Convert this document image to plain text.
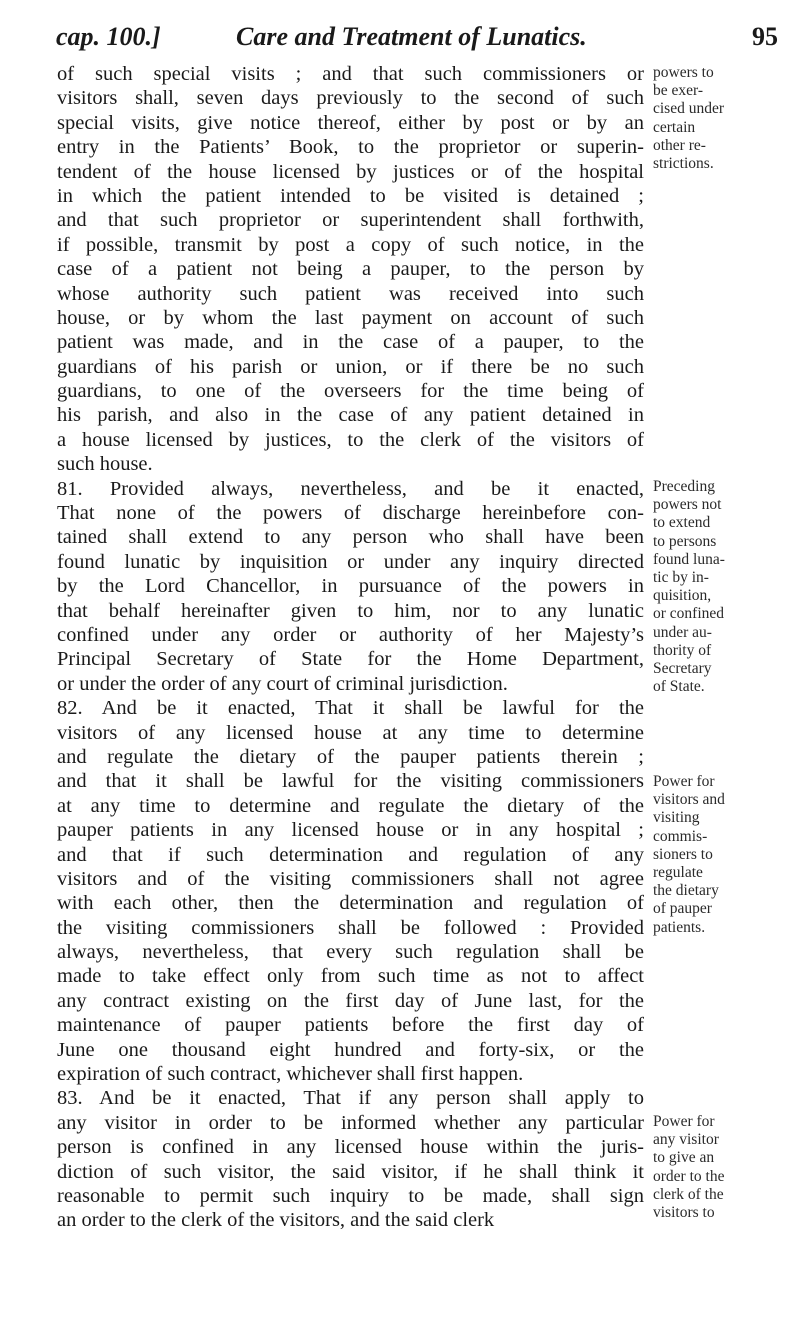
cap. 100.]	Care and Treatment of Lunatics.	95
of such special visits ; and that such commissioners or
visitors shall, seven days previously to the second of such
special visits, give notice thereof, either by post or by an
entry in the Patients’ Book, to the proprietor or superin-
tendent of the house licensed by justices or of the hospital
in which the patient intended to be visited is detained ;
and that such proprietor or superintendent shall forthwith,
if possible, transmit by post a copy of such notice, in the
case of a patient not being a pauper, to the person by
whose authority such patient was received into such
house, or by whom the last payment on account of such
patient was made, and in the case of a pauper, to the
guardians of his parish or union, or if there be no such
guardians, to one of the overseers for the time being of
his parish, and also in the case of any patient detained in
a house licensed by justices, to the clerk of the visitors of
such house.
81. Provided always, nevertheless, and be it enacted,
That none of the powers of discharge hereinbefore con-
tained shall extend to any person who shall have been
found lunatic by inquisition or under any inquiry directed
by the Lord Chancellor, in pursuance of the powers in
that behalf hereinafter given to him, nor to any lunatic
confined under any order or authority of her Majesty’s
Principal Secretary of State for the Home Department,
or under the order of any court of criminal jurisdiction.
82. And be it enacted, That it shall be lawful for the
visitors of any licensed house at any time to determine
and regulate the dietary of the pauper patients therein ;
and that it shall be lawful for the visiting commissioners
at any time to determine and regulate the dietary of the
pauper patients in any licensed house or in any hospital ;
and that if such determination and regulation of any
visitors and of the visiting commissioners shall not agree
with each other, then the determination and regulation of
the visiting commissioners shall be followed : Provided
always, nevertheless, that every such regulation shall be
made to take effect only from such time as not to affect
any contract existing on the first day of June last, for the
maintenance of pauper patients before the first day of
June one thousand eight hundred and forty-six, or the
expiration of such contract, whichever shall first happen.
83. And be it enacted, That if any person shall apply to
any visitor in order to be informed whether any particular
person is confined in any licensed house within the juris-
diction of such visitor, the said visitor, if he shall think it
reasonable to permit such inquiry to be made, shall sign
an order to the clerk of the visitors, and the said clerk
powers to
be exer-
cised under
certain
other re-
strictions.
Preceding
powers not
to extend
to persons
found luna-
tic by in-
quisition,
or confined
under au-
thority of
Secretary
of State.
Power for
visitors and
visiting
commis-
sioners to
regulate
the dietary
of pauper
patients.
Power for
any visitor
to give an
order to the
clerk of the
visitors to
